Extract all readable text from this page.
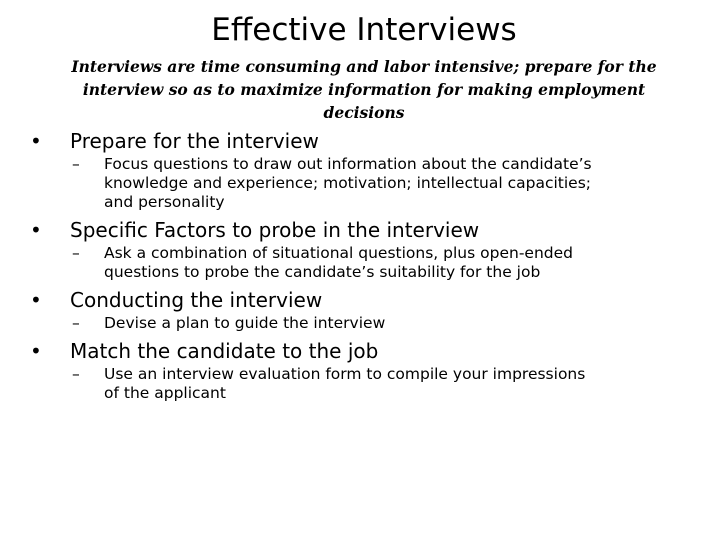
Effective Interviews
Interviews are time consuming and labor intensive; prepare for the
interview so as to maximize information for making employment
decisions
•	Prepare for the interview
– Focus questions to draw out information about the candidate’s
knowledge and experience; motivation; intellectual capacities;
and personality
•	Specific Factors to probe in the interview
– Ask a combination of situational questions, plus open-ended
questions to probe the candidate’s suitability for the job
•	Conducting the interview
– Devise a plan to guide the interview
•	Match the candidate to the job
– Use an interview evaluation form to compile your impressions
of the applicant
